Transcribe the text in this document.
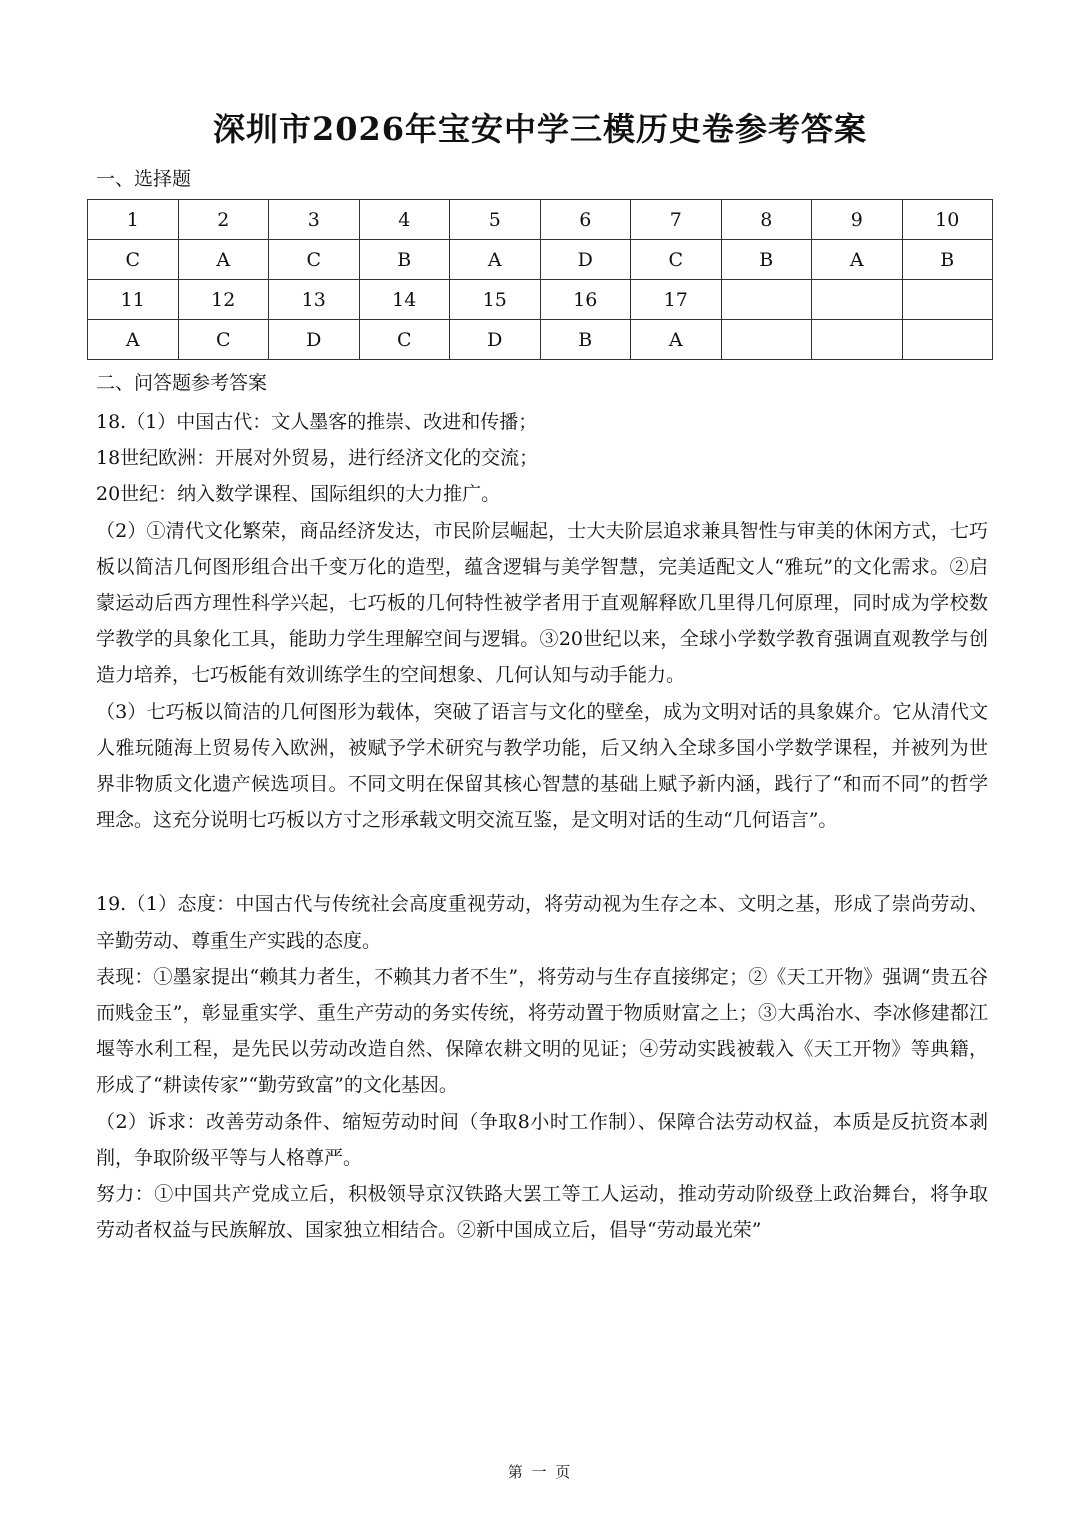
深圳市2026年宝安中学三模历史卷参考答案
一、选择题
1	2	3	4	5	6	7	8	9	10
C	A	C	B	A	D	C	B	A	B
11	12	13	14	15	16	17			
A	C	D	C	D	B	A			
二、问答题参考答案

18.（1）中国古代：文人墨客的推崇、改进和传播；

18世纪欧洲：开展对外贸易，进行经济文化的交流；

20世纪：纳入数学课程、国际组织的大力推广。

（2）①清代文化繁荣，商品经济发达，市民阶层崛起，士大夫阶层追求兼具智性与审美的休闲方式，七巧板以简洁几何图形组合出千变万化的造型，蕴含逻辑与美学智慧，完美适配文人“雅玩”的文化需求。②启蒙运动后西方理性科学兴起，七巧板的几何特性被学者用于直观解释欧几里得几何原理，同时成为学校数学教学的具象化工具，能助力学生理解空间与逻辑。③20世纪以来，全球小学数学教育强调直观教学与创造力培养，七巧板能有效训练学生的空间想象、几何认知与动手能力。

（3）七巧板以简洁的几何图形为载体，突破了语言与文化的壁垒，成为文明对话的具象媒介。它从清代文人雅玩随海上贸易传入欧洲，被赋予学术研究与教学功能，后又纳入全球多国小学数学课程，并被列为世界非物质文化遗产候选项目。不同文明在保留其核心智慧的基础上赋予新内涵，践行了“和而不同”的哲学理念。这充分说明七巧板以方寸之形承载文明交流互鉴，是文明对话的生动“几何语言”。

19.（1）态度：中国古代与传统社会高度重视劳动，将劳动视为生存之本、文明之基，形成了崇尚劳动、辛勤劳动、尊重生产实践的态度。

表现：①墨家提出“赖其力者生，不赖其力者不生”，将劳动与生存直接绑定；②《天工开物》强调“贵五谷而贱金玉”，彰显重实学、重生产劳动的务实传统，将劳动置于物质财富之上；③大禹治水、李冰修建都江堰等水利工程，是先民以劳动改造自然、保障农耕文明的见证；④劳动实践被载入《天工开物》等典籍，形成了“耕读传家”“勤劳致富”的文化基因。

（2）诉求：改善劳动条件、缩短劳动时间（争取8小时工作制）、保障合法劳动权益，本质是反抗资本剥削，争取阶级平等与人格尊严。

努力：①中国共产党成立后，积极领导京汉铁路大罢工等工人运动，推动劳动阶级登上政治舞台，将争取劳动者权益与民族解放、国家独立相结合。②新中国成立后，倡导“劳动最光荣”

第 一 页
